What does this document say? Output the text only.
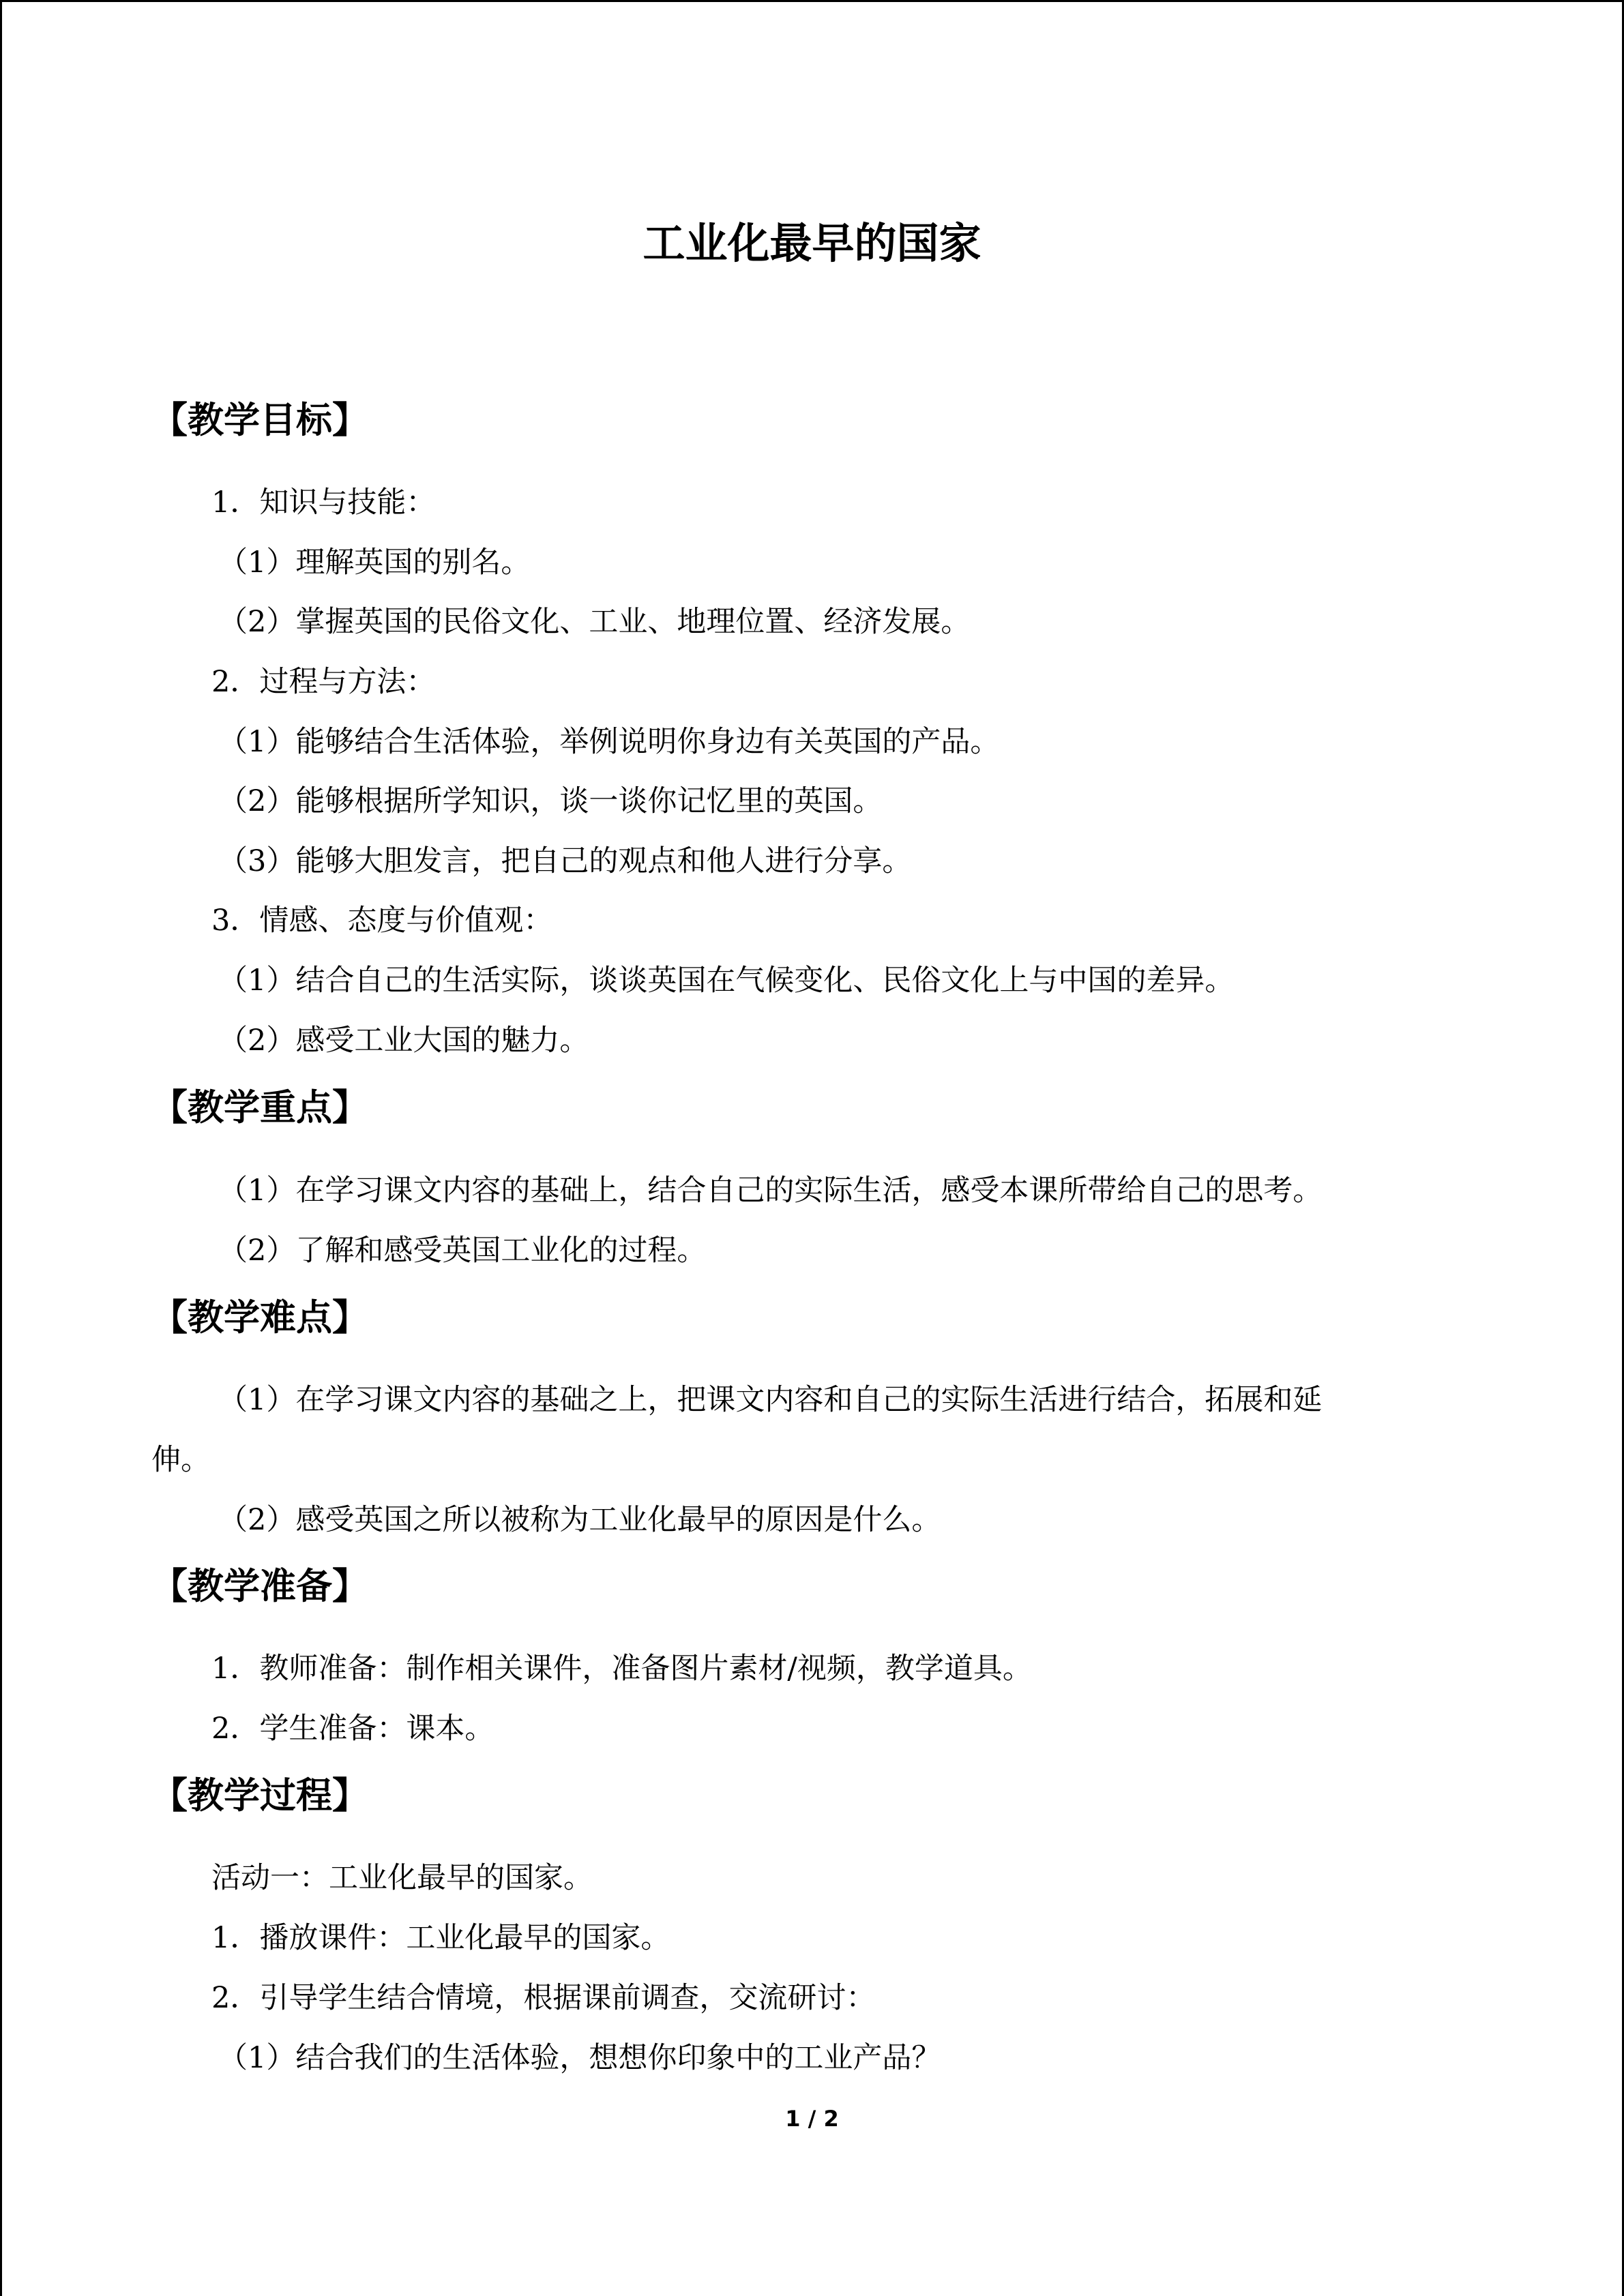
工业化最早的国家
【教学目标】
1．知识与技能：
（1）理解英国的别名。
（2）掌握英国的民俗文化、工业、地理位置、经济发展。
2．过程与方法：
（1）能够结合生活体验，举例说明你身边有关英国的产品。
（2）能够根据所学知识，谈一谈你记忆里的英国。
（3）能够大胆发言，把自己的观点和他人进行分享。
3．情感、态度与价值观：
（1）结合自己的生活实际，谈谈英国在气候变化、民俗文化上与中国的差异。
（2）感受工业大国的魅力。
【教学重点】
（1）在学习课文内容的基础上，结合自己的实际生活，感受本课所带给自己的思考。
（2）了解和感受英国工业化的过程。
【教学难点】
（1）在学习课文内容的基础之上，把课文内容和自己的实际生活进行结合，拓展和延
伸。
（2）感受英国之所以被称为工业化最早的原因是什么。
【教学准备】
1．教师准备：制作相关课件，准备图片素材/视频，教学道具。
2．学生准备：课本。
【教学过程】
活动一：工业化最早的国家。
1．播放课件：工业化最早的国家。
2．引导学生结合情境，根据课前调查，交流研讨：
（1）结合我们的生活体验，想想你印象中的工业产品？
1 / 2
